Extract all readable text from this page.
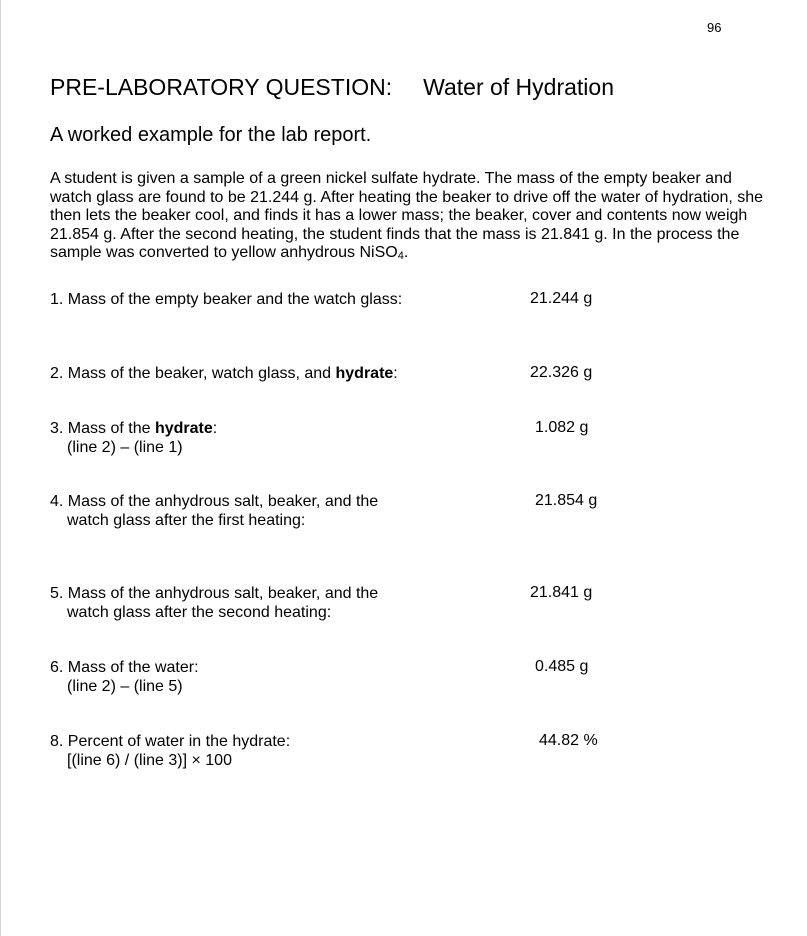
96
PRE-LABORATORY QUESTION: Water of Hydration
A worked example for the lab report.

A student is given a sample of a green nickel sulfate hydrate. The mass of the empty beaker and watch glass are found to be 21.244 g. After heating the beaker to drive off the water of hydration, she then lets the beaker cool, and finds it has a lower mass; the beaker, cover and contents now weigh 21.854 g. After the second heating, the student finds that the mass is 21.841 g. In the process the sample was converted to yellow anhydrous NiSO$_4$.

1. Mass of the empty beaker and the watch glass:	21.244 g
2. Mass of the beaker, watch glass, and hydrate:	22.326 g
3. Mass of the hydrate:
(line 2) – (line 1)
1.082 g
4. Mass of the anhydrous salt, beaker, and the
watch glass after the first heating:
21.854 g
5. Mass of the anhydrous salt, beaker, and the
watch glass after the second heating:
21.841 g
6. Mass of the water:
(line 2) – (line 5)
0.485 g
8. Percent of water in the hydrate:
[(line 6) / (line 3)] × 100
44.82 %
